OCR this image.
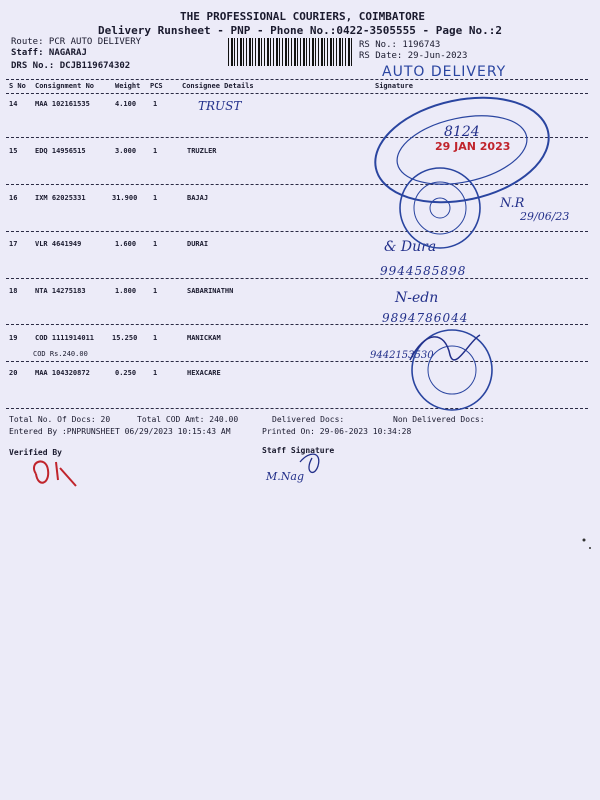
THE PROFESSIONAL COURIERS, COIMBATORE
Delivery Runsheet - PNP - Phone No.:0422-3505555 - Page No.:2
Route: PCR AUTO DELIVERY
Staff: NAGARAJ
DRS No.: DCJB119674302
RS No.: 1196743
RS Date: 29-Jun-2023
AUTO DELIVERY
S No Consignment No	Weight PCS	Consignee Details	Signature
14	MAA 102161535	4.100 1	TRUST
15	EDQ 14956515	3.000 1	TRUZLER
16	IXM 62025331	31.900 1	BAJAJ
17	VLR 4641949	1.600 1	DURAI
18	NTA 14275183	1.800 1	SABARINATHN
19	COD 1111914011	15.250 1	MANICKAM
COD Rs.240.00
20	MAA 104320872	0.250 1	HEXACARE
8124
29 JAN 2023
N.R
29/06/23
& Dura
9944585898
N-edn
9894786044
9442153530
Total No. Of Docs: 20	Total COD Amt: 240.00	Delivered Docs:	Non Delivered Docs:
Entered By :PNPRUNSHEET 06/29/2023 10:15:43 AM	Printed On: 29-06-2023 10:34:28
Verified By	Staff Signature
M.Nag
